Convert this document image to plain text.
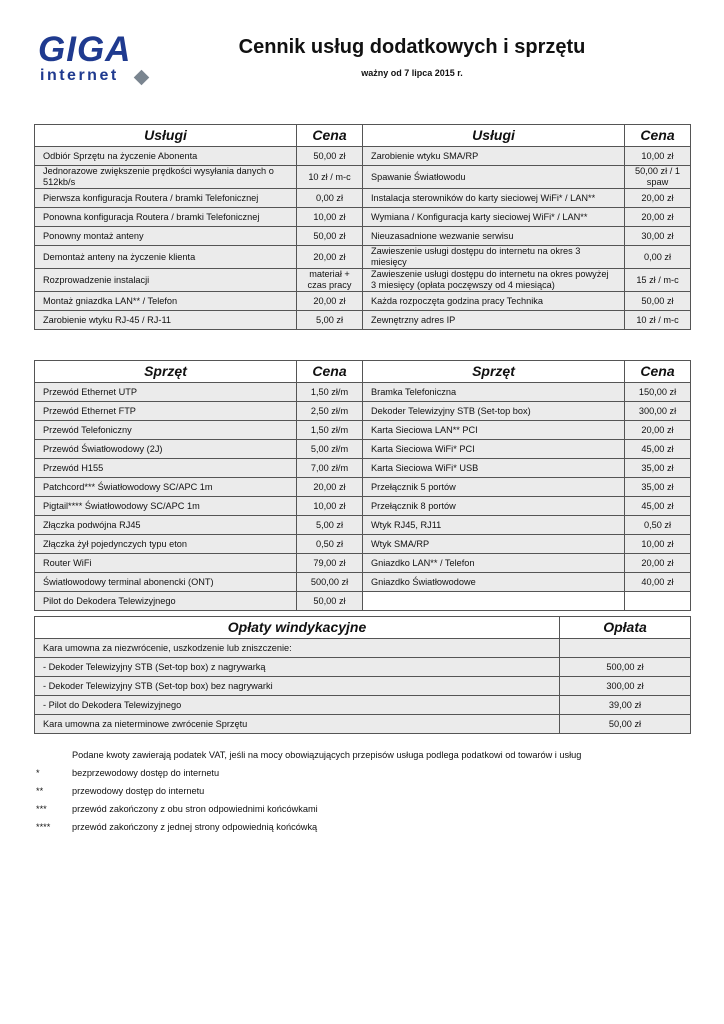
GIGA
internet
Cennik usług dodatkowych i sprzętu
ważny od 7 lipca 2015 r.
Usługi	Cena	Usługi	Cena
Odbiór Sprzętu na życzenie Abonenta	50,00 zł	Zarobienie wtyku SMA/RP	10,00 zł
Jednorazowe zwiększenie prędkości wysyłania danych o 512kb/s	10 zł / m-c	Spawanie Światłowodu	50,00 zł / 1 spaw
Pierwsza konfiguracja Routera / bramki Telefonicznej	0,00 zł	Instalacja sterowników do karty sieciowej WiFi* / LAN**	20,00 zł
Ponowna konfiguracja Routera / bramki Telefonicznej	10,00 zł	Wymiana / Konfiguracja karty sieciowej WiFi* / LAN**	20,00 zł
Ponowny montaż anteny	50,00 zł	Nieuzasadnione wezwanie serwisu	30,00 zł
Demontaż anteny na życzenie klienta	20,00 zł	Zawieszenie usługi dostępu do internetu na okres 3 miesięcy	0,00 zł
Rozprowadzenie instalacji	materiał + czas pracy	Zawieszenie usługi dostępu do internetu na okres powyżej 3 miesięcy (opłata poczęwszy od 4 miesiąca)	15 zł / m-c
Montaż gniazdka LAN** / Telefon	20,00 zł	Każda rozpoczęta godzina pracy Technika	50,00 zł
Zarobienie wtyku RJ-45 / RJ-11	5,00 zł	Zewnętrzny adres IP	10 zł / m-c
Sprzęt	Cena	Sprzęt	Cena
Przewód Ethernet UTP	1,50 zł/m	Bramka Telefoniczna	150,00 zł
Przewód Ethernet FTP	2,50 zł/m	Dekoder Telewizyjny STB (Set-top box)	300,00 zł
Przewód Telefoniczny	1,50 zł/m	Karta Sieciowa LAN** PCI	20,00 zł
Przewód Światłowodowy (2J)	5,00 zł/m	Karta Sieciowa WiFi* PCI	45,00 zł
Przewód H155	7,00 zł/m	Karta Sieciowa WiFi* USB	35,00 zł
Patchcord*** Światłowodowy SC/APC 1m	20,00 zł	Przełącznik 5 portów	35,00 zł
Pigtail**** Światłowodowy SC/APC 1m	10,00 zł	Przełącznik 8 portów	45,00 zł
Złączka podwójna RJ45	5,00 zł	Wtyk RJ45, RJ11	0,50 zł
Złączka żył pojedynczych typu eton	0,50 zł	Wtyk SMA/RP	10,00 zł
Router WiFi	79,00 zł	Gniazdko LAN** / Telefon	20,00 zł
Światłowodowy terminal abonencki (ONT)	500,00 zł	Gniazdko Światłowodowe	40,00 zł
Pilot do Dekodera Telewizyjnego	50,00 zł		
Opłaty windykacyjne	Opłata
Kara umowna za niezwrócenie, uszkodzenie lub zniszczenie:	
- Dekoder Telewizyjny STB (Set-top box) z nagrywarką	500,00 zł
- Dekoder Telewizyjny STB (Set-top box) bez nagrywarki	300,00 zł
- Pilot do Dekodera Telewizyjnego	39,00 zł
Kara umowna za nieterminowe zwrócenie Sprzętu	50,00 zł
Podane kwoty zawierają podatek VAT, jeśli na mocy obowiązujących przepisów usługa podlega podatkowi od towarów i usług
*	bezprzewodowy dostęp do internetu
**	przewodowy dostęp do internetu
***	przewód zakończony z obu stron odpowiednimi końcówkami
****	przewód zakończony z jednej strony odpowiednią końcówką
